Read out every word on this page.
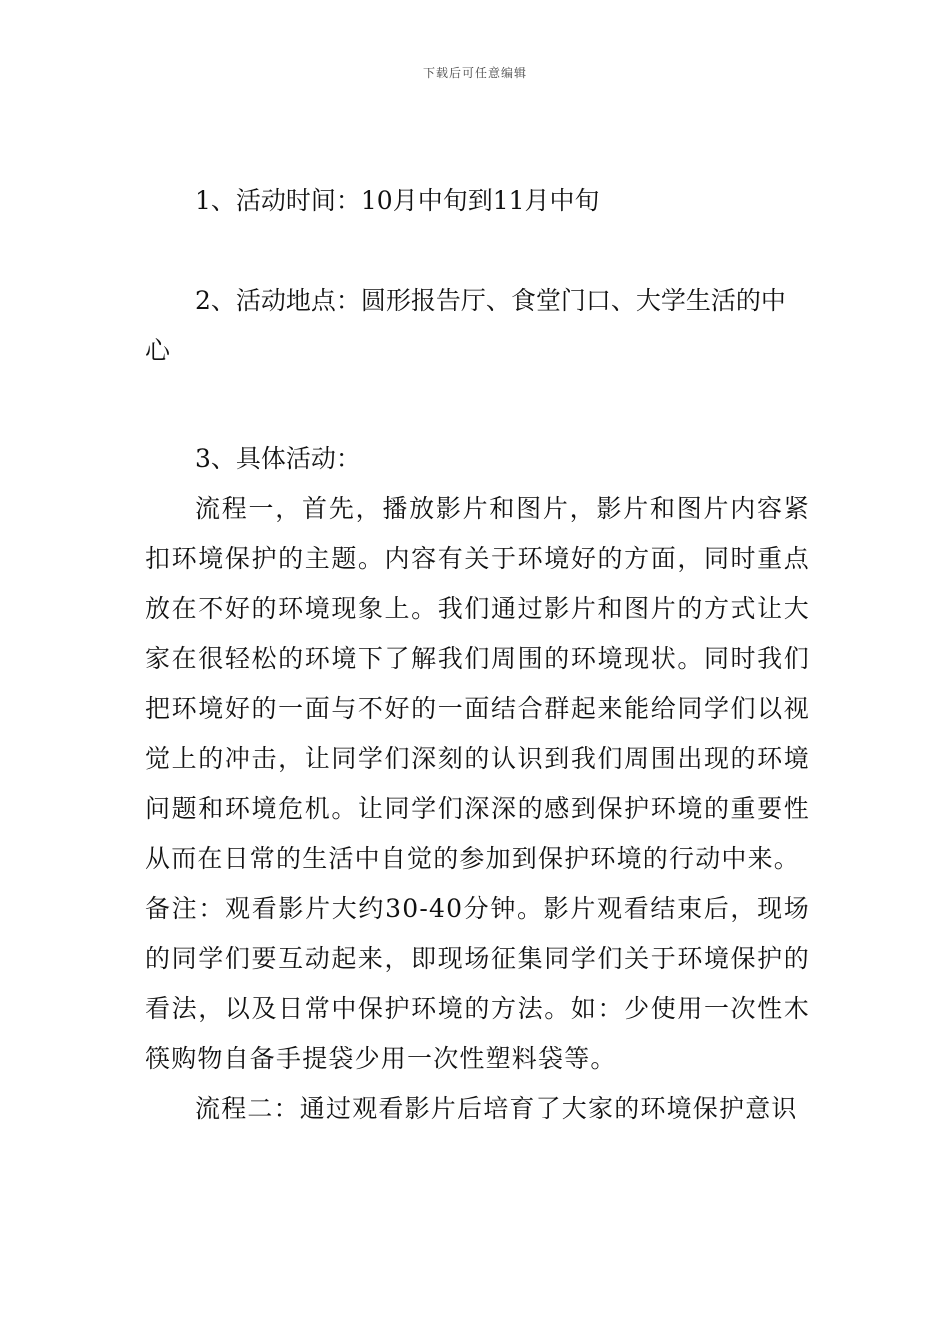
下载后可任意编辑

1、活动时间：10月中旬到11月中旬

2、活动地点：圆形报告厅、食堂门口、大学生活的中心

3、具体活动：

流程一，首先，播放影片和图片，影片和图片内容紧扣环境保护的主题。内容有关于环境好的方面，同时重点放在不好的环境现象上。我们通过影片和图片的方式让大家在很轻松的环境下了解我们周围的环境现状。同时我们把环境好的一面与不好的一面结合群起来能给同学们以视觉上的冲击，让同学们深刻的认识到我们周围出现的环境问题和环境危机。让同学们深深的感到保护环境的重要性从而在日常的生活中自觉的参加到保护环境的行动中来。

备注：观看影片大约30-40分钟。影片观看结束后，现场的同学们要互动起来，即现场征集同学们关于环境保护的看法，以及日常中保护环境的方法。如：少使用一次性木筷购物自备手提袋少用一次性塑料袋等。

流程二：通过观看影片后培育了大家的环境保护意识
